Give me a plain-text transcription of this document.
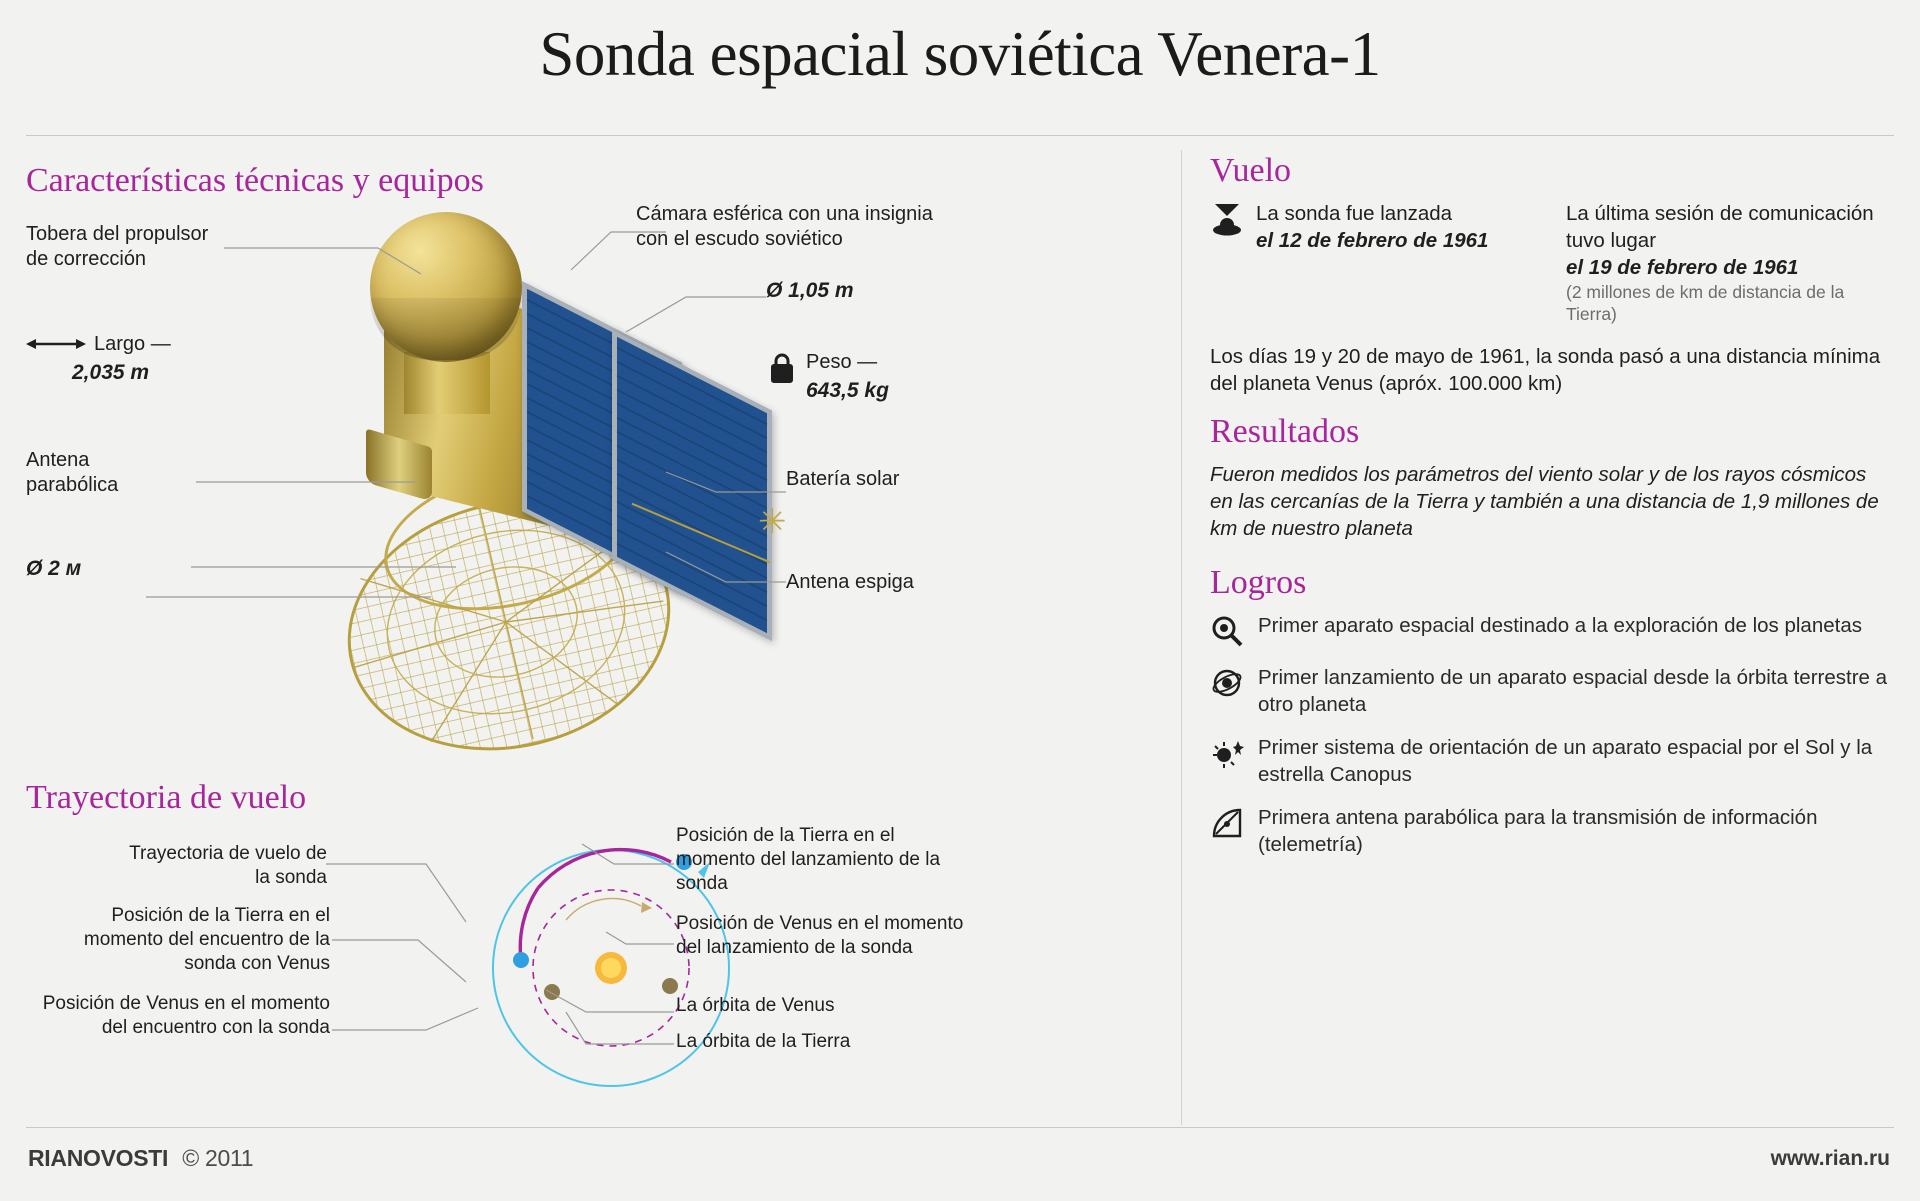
Sonda espacial soviética Venera-1
Características técnicas y equipos
✳
Tobera del propulsor de corrección
Largo —
2,035 m
Antena parabólica
Ø 2 м
Cámara esférica con una insignia con el escudo soviético
Ø 1,05 m
Peso —
643,5 kg
Batería solar
Antena espiga
Trayectoria de vuelo
Trayectoria de vuelo de la sonda
Posición de la Tierra en el momento del encuentro de la sonda con Venus
Posición de Venus en el momento del encuentro con la sonda
Posición de la Tierra en el momento del lanzamiento de la sonda
Posición de Venus en el momento del lanzamiento de la sonda
La órbita de Venus
La órbita de la Tierra
Vuelo
La sonda fue lanzada
el 12 de febrero de 1961
La última sesión de comunicación tuvo lugar
el 19 de febrero de 1961
(2 millones de km de distancia de la Tierra)
Los días 19 y 20 de mayo de 1961, la sonda pasó a una distancia mínima del planeta Venus (apróx. 100.000 km)
Resultados
Fueron medidos los parámetros del viento solar y de los rayos cósmicos en las cercanías de la Tierra y también a una distancia de 1,9 millones de km de nuestro planeta
Logros
Primer aparato espacial destinado a la exploración de los planetas
Primer lanzamiento de un aparato espacial desde la órbita terrestre a otro planeta
Primer sistema de orientación de un aparato espacial por el Sol y la estrella Canopus
Primera antena parabólica para la transmisión de información (telemetría)
RIANOVOSTI © 2011	www.rian.ru
